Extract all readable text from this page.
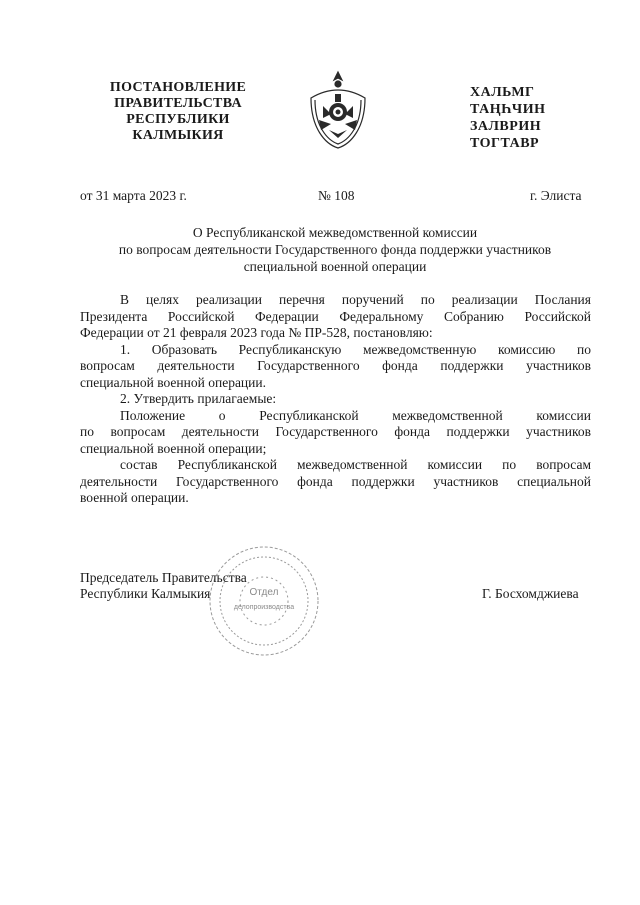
ПОСТАНОВЛЕНИЕ
ПРАВИТЕЛЬСТВА
РЕСПУБЛИКИ
КАЛМЫКИЯ
ХАЛЬМГ
ТАҢҺЧИН
ЗАЛВРИН
ТОГТАВР
от 31 марта 2023 г.	№ 108	г. Элиста
О Республиканской межведомственной комиссии
по вопросам деятельности Государственного фонда поддержки участников
специальной военной операции
В целях реализации перечня поручений по реализации Послания
Президента Российской Федерации Федеральному Собранию Российской
Федерации от 21 февраля 2023 года № ПР-528, постановляю:
1. Образовать Республиканскую межведомственную комиссию по
вопросам деятельности Государственного фонда поддержки участников
специальной военной операции.
2. Утвердить прилагаемые:
Положение о Республиканской межведомственной комиссии
по вопросам деятельности Государственного фонда поддержки участников
специальной военной операции;
состав Республиканской межведомственной комиссии по вопросам
деятельности Государственного фонда поддержки участников специальной
военной операции.
Отдел
делопроизводства
Председатель Правительства
Республики Калмыкия	Г. Босхомджиева
